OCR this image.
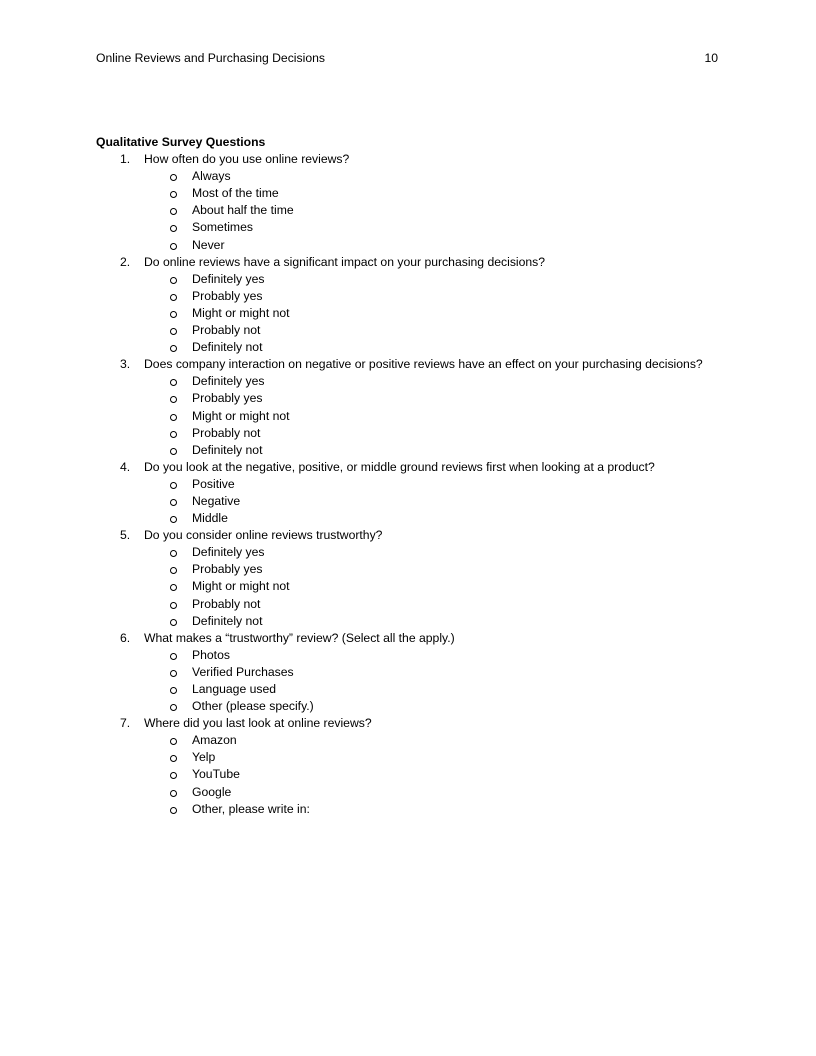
Online Reviews and Purchasing Decisions	10
Qualitative Survey Questions
1. How often do you use online reviews?
Always
Most of the time
About half the time
Sometimes
Never
2. Do online reviews have a significant impact on your purchasing decisions?
Definitely yes
Probably yes
Might or might not
Probably not
Definitely not
3. Does company interaction on negative or positive reviews have an effect on your purchasing decisions?
Definitely yes
Probably yes
Might or might not
Probably not
Definitely not
4. Do you look at the negative, positive, or middle ground reviews first when looking at a product?
Positive
Negative
Middle
5. Do you consider online reviews trustworthy?
Definitely yes
Probably yes
Might or might not
Probably not
Definitely not
6. What makes a “trustworthy” review? (Select all the apply.)
Photos
Verified Purchases
Language used
Other (please specify.)
7. Where did you last look at online reviews?
Amazon
Yelp
YouTube
Google
Other, please write in:
